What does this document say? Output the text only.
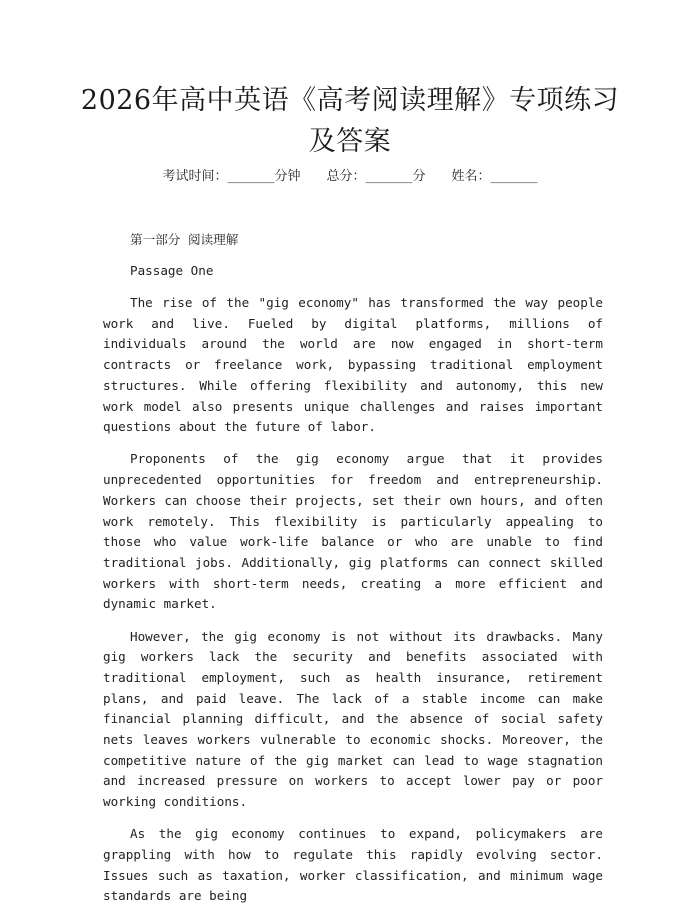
2026年高中英语《高考阅读理解》专项练习
及答案
考试时间：______分钟 总分：______分 姓名：______
第一部分 阅读理解
Passage One

The rise of the "gig economy" has transformed the way people work and live. Fueled by digital platforms, millions of individuals around the world are now engaged in short-term contracts or freelance work, bypassing traditional employment structures. While offering flexibility and autonomy, this new work model also presents unique challenges and raises important questions about the future of labor.

Proponents of the gig economy argue that it provides unprecedented opportunities for freedom and entrepreneurship. Workers can choose their projects, set their own hours, and often work remotely. This flexibility is particularly appealing to those who value work-life balance or who are unable to find traditional jobs. Additionally, gig platforms can connect skilled workers with short-term needs, creating a more efficient and dynamic market.

However, the gig economy is not without its drawbacks. Many gig workers lack the security and benefits associated with traditional employment, such as health insurance, retirement plans, and paid leave. The lack of a stable income can make financial planning difficult, and the absence of social safety nets leaves workers vulnerable to economic shocks. Moreover, the competitive nature of the gig market can lead to wage stagnation and increased pressure on workers to accept lower pay or poor working conditions.

As the gig economy continues to expand, policymakers are grappling with how to regulate this rapidly evolving sector. Issues such as taxation, worker classification, and minimum wage standards are being
